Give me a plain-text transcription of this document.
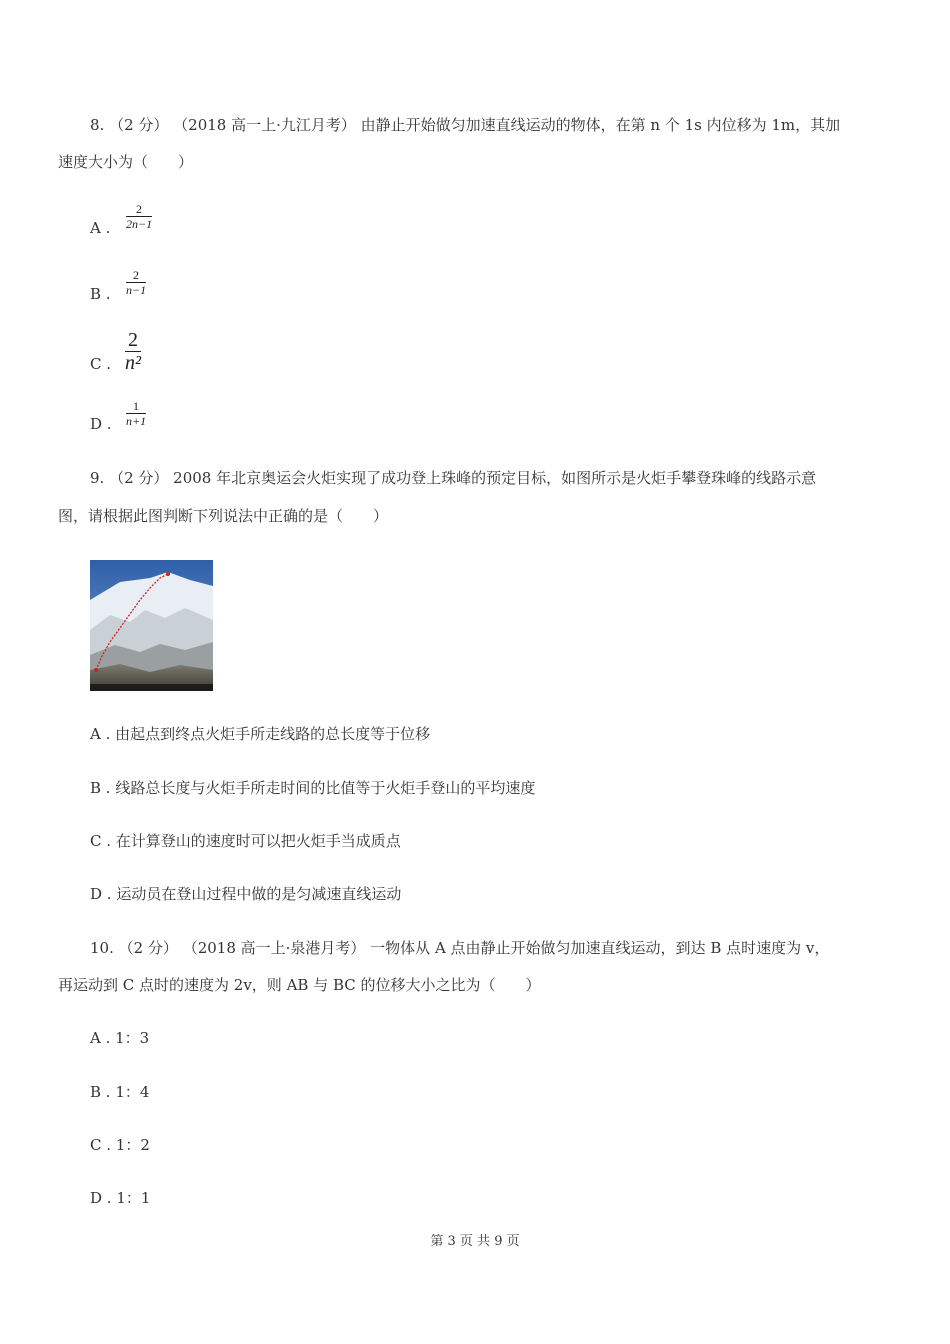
8. （2 分） （2018 高一上·九江月考） 由静止开始做匀加速直线运动的物体，在第 n 个 1s 内位移为 1m，其加
速度大小为（　　）
A .
2
2n−1
B .
2
n−1
C .
2
n²
D .
1
n+1
9. （2 分） 2008 年北京奥运会火炬实现了成功登上珠峰的预定目标，如图所示是火炬手攀登珠峰的线路示意
图，请根据此图判断下列说法中正确的是（　　）
A . 由起点到终点火炬手所走线路的总长度等于位移
B . 线路总长度与火炬手所走时间的比值等于火炬手登山的平均速度
C . 在计算登山的速度时可以把火炬手当成质点
D . 运动员在登山过程中做的是匀减速直线运动
10. （2 分） （2018 高一上·泉港月考） 一物体从 A 点由静止开始做匀加速直线运动，到达 B 点时速度为 v，
再运动到 C 点时的速度为 2v，则 AB 与 BC 的位移大小之比为（　　）
A . 1：3
B . 1：4
C . 1：2
D . 1：1
第 3 页 共 9 页
